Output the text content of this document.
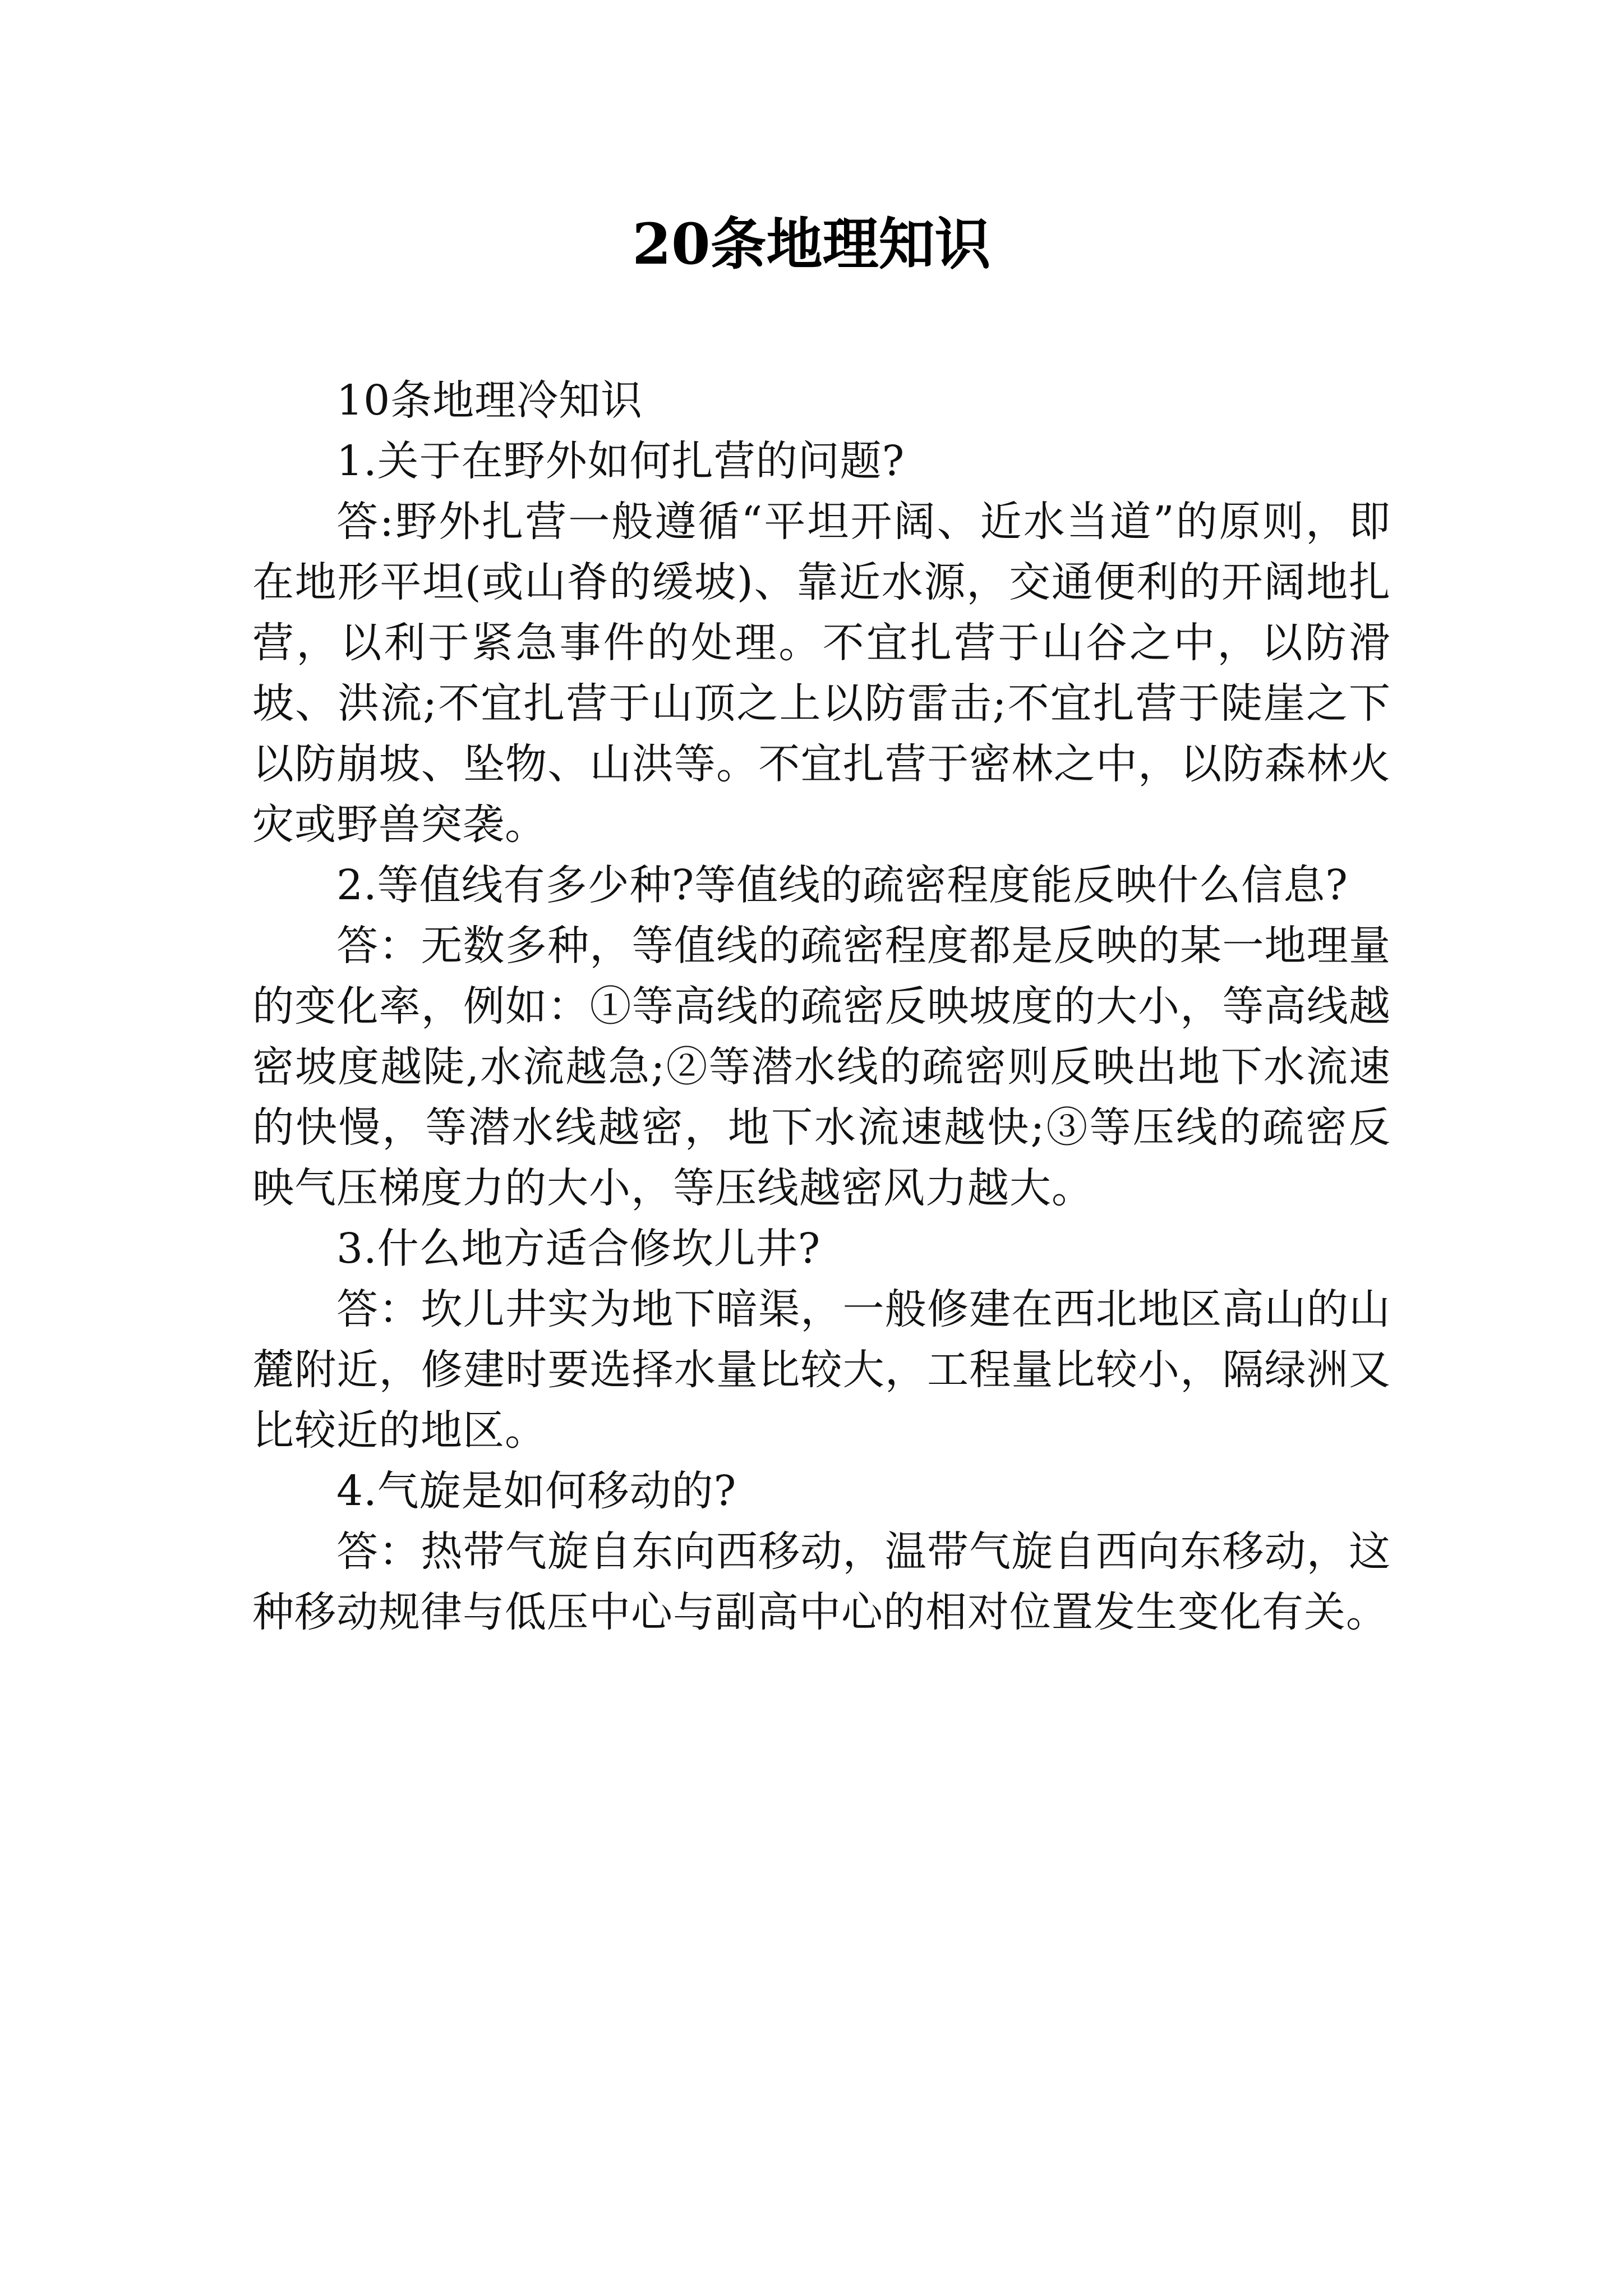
20条地理知识

10条地理冷知识

1.关于在野外如何扎营的问题?

答:野外扎营一般遵循“平坦开阔、近水当道”的原则，即在地形平坦(或山脊的缓坡)、靠近水源，交通便利的开阔地扎营，以利于紧急事件的处理。不宜扎营于山谷之中，以防滑坡、洪流;不宜扎营于山顶之上以防雷击;不宜扎营于陡崖之下以防崩坡、坠物、山洪等。不宜扎营于密林之中，以防森林火灾或野兽突袭。

2.等值线有多少种?等值线的疏密程度能反映什么信息?

答：无数多种，等值线的疏密程度都是反映的某一地理量的变化率，例如：①等高线的疏密反映坡度的大小，等高线越密坡度越陡,水流越急;②等潜水线的疏密则反映出地下水流速的快慢，等潜水线越密，地下水流速越快;③等压线的疏密反映气压梯度力的大小，等压线越密风力越大。

3.什么地方适合修坎儿井?

答：坎儿井实为地下暗渠，一般修建在西北地区高山的山麓附近，修建时要选择水量比较大，工程量比较小，隔绿洲又比较近的地区。

4.气旋是如何移动的?

答：热带气旋自东向西移动，温带气旋自西向东移动，这种移动规律与低压中心与副高中心的相对位置发生变化有关。
